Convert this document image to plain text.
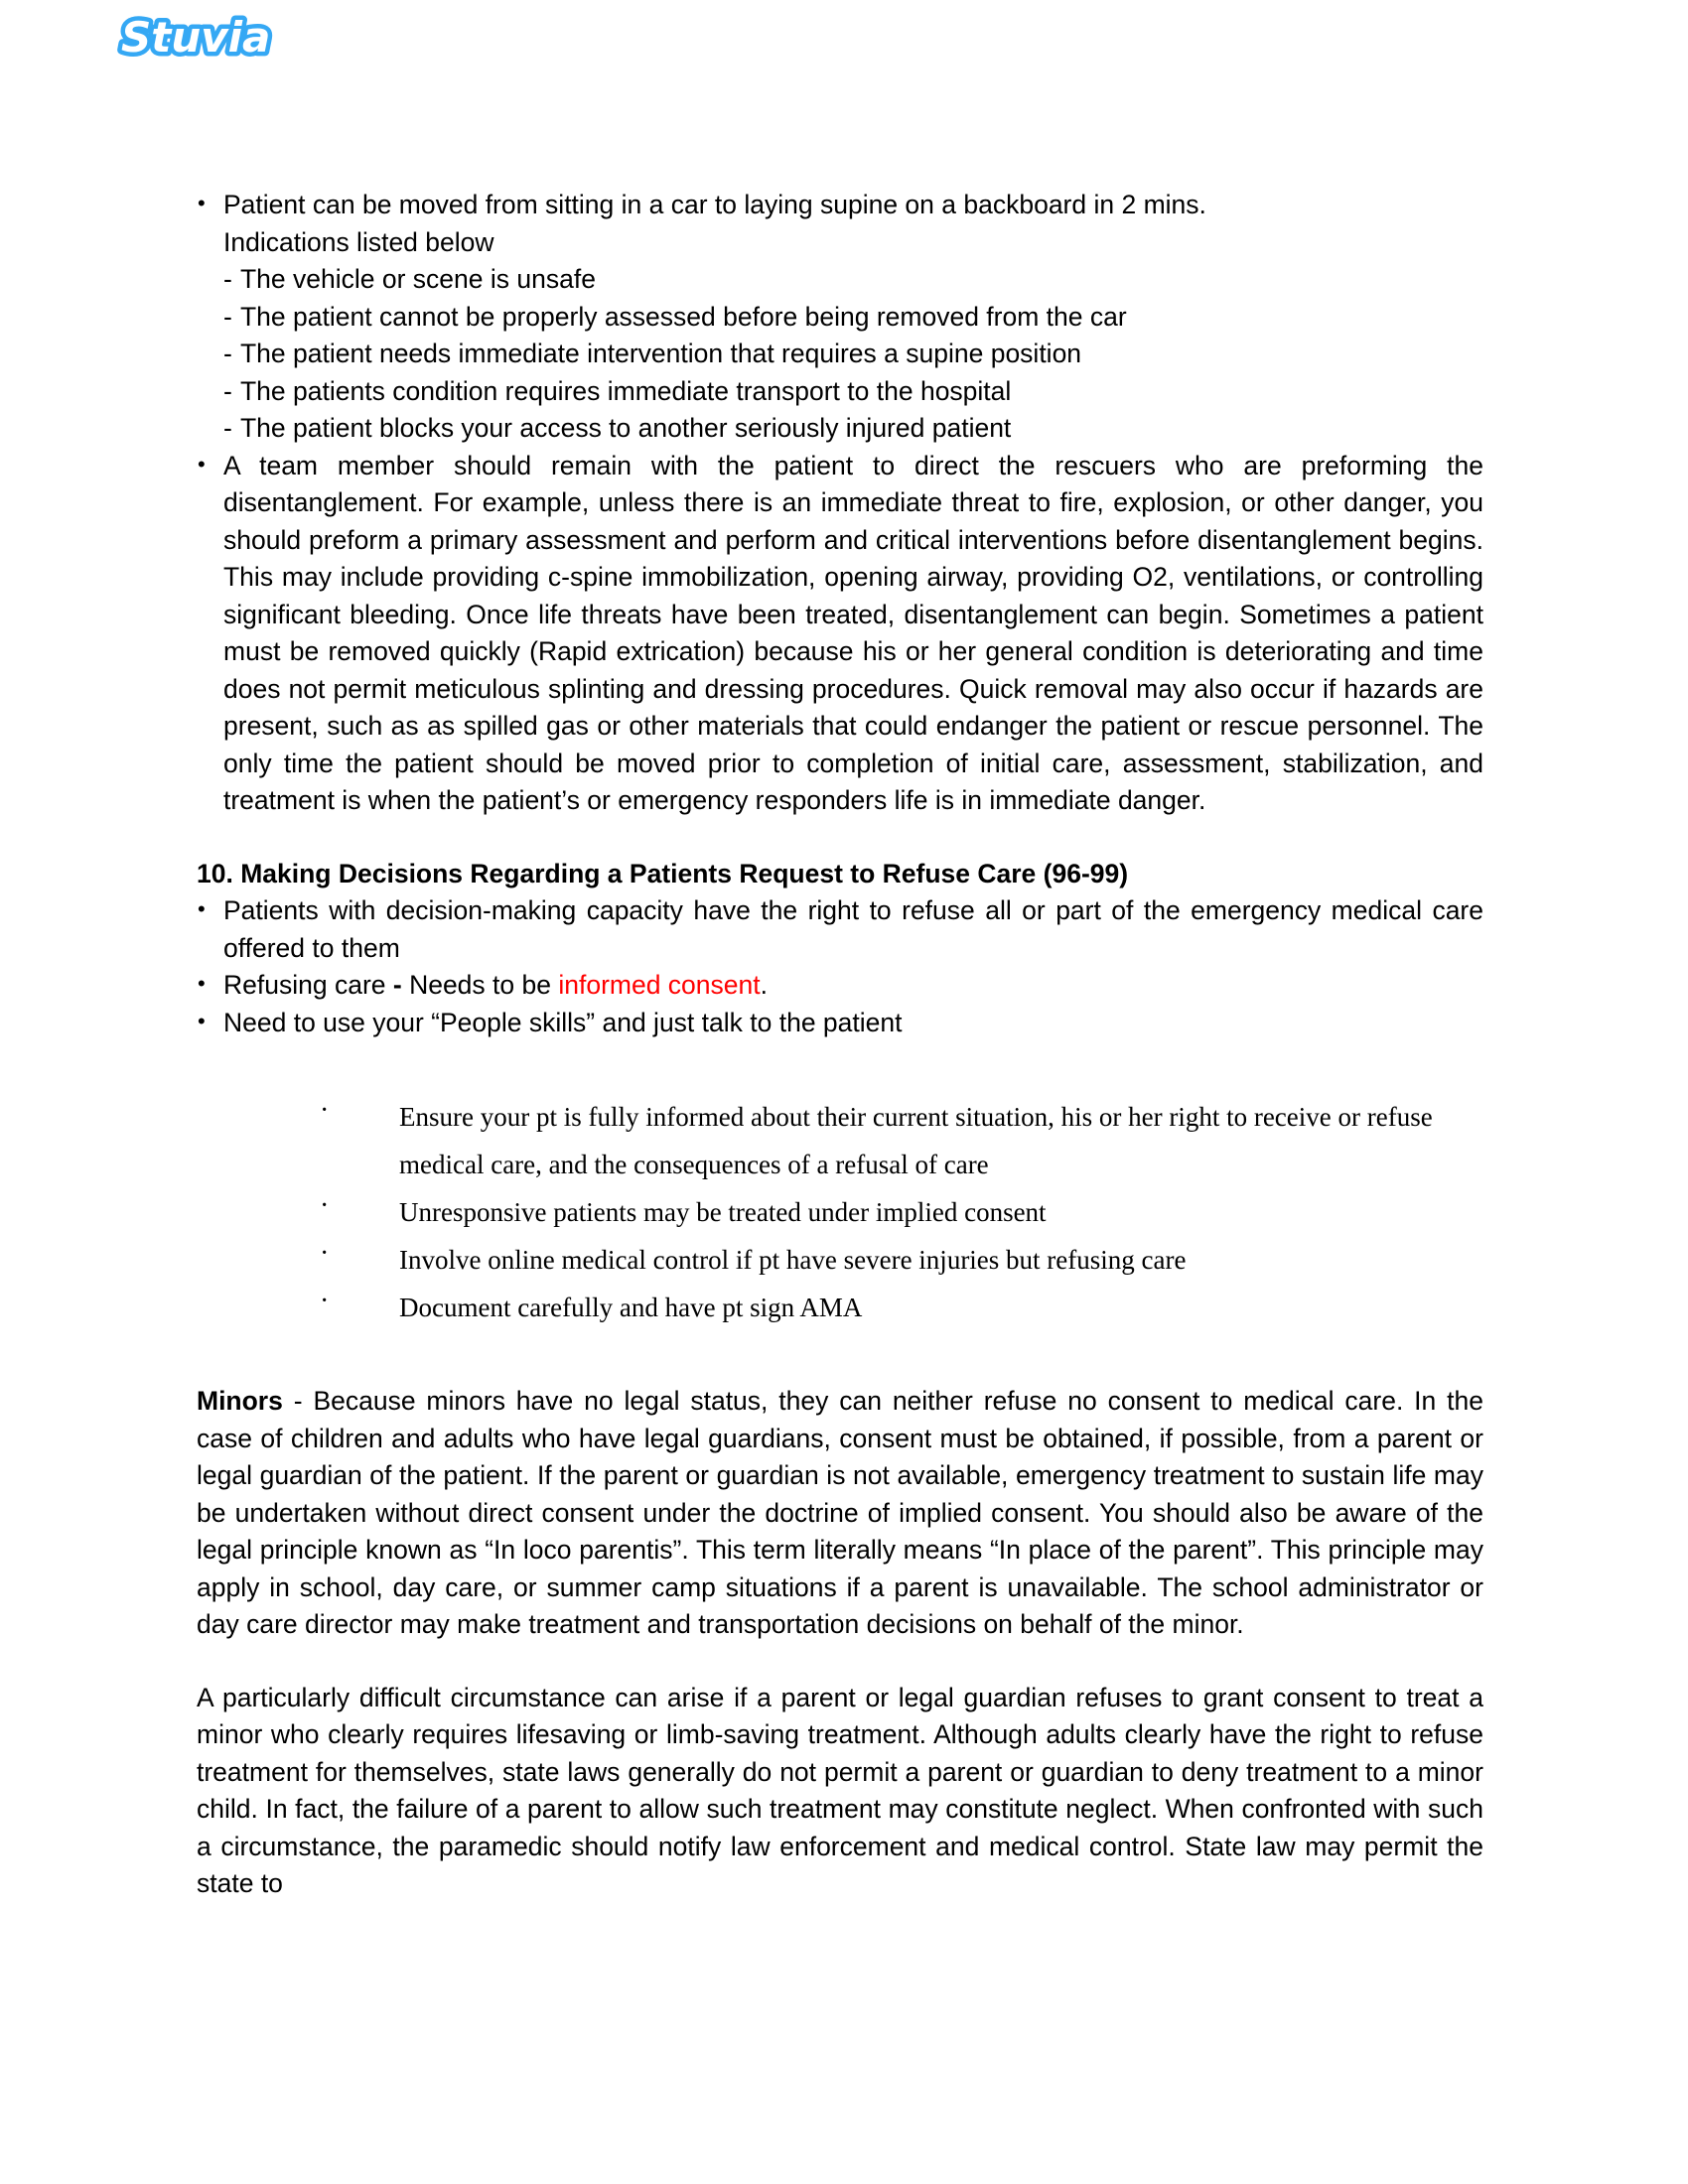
Stuvia
• Patient can be moved from sitting in a car to laying supine on a backboard in 2 mins.
Indications listed below
- The vehicle or scene is unsafe
- The patient cannot be properly assessed before being removed from the car
- The patient needs immediate intervention that requires a supine position
- The patients condition requires immediate transport to the hospital
- The patient blocks your access to another seriously injured patient
• A team member should remain with the patient to direct the rescuers who are preforming the disentanglement. For example, unless there is an immediate threat to fire, explosion, or other danger, you should preform a primary assessment and perform and critical interventions before disentanglement begins. This may include providing c-spine immobilization, opening airway, providing O2, ventilations, or controlling significant bleeding. Once life threats have been treated, disentanglement can begin. Sometimes a patient must be removed quickly (Rapid extrication) because his or her general condition is deteriorating and time does not permit meticulous splinting and dressing procedures. Quick removal may also occur if hazards are present, such as as spilled gas or other materials that could endanger the patient or rescue personnel. The only time the patient should be moved prior to completion of initial care, assessment, stabilization, and treatment is when the patient’s or emergency responders life is in immediate danger.
10. Making Decisions Regarding a Patients Request to Refuse Care (96-99)
• Patients with decision-making capacity have the right to refuse all or part of the emergency medical care offered to them
• Refusing care - Needs to be informed consent.
• Need to use your “People skills” and just talk to the patient
· Ensure your pt is fully informed about their current situation, his or her right to receive or refuse medical care, and the consequences of a refusal of care
· Unresponsive patients may be treated under implied consent
· Involve online medical control if pt have severe injuries but refusing care
· Document carefully and have pt sign AMA

Minors - Because minors have no legal status, they can neither refuse no consent to medical care. In the case of children and adults who have legal guardians, consent must be obtained, if possible, from a parent or legal guardian of the patient. If the parent or guardian is not available, emergency treatment to sustain life may be undertaken without direct consent under the doctrine of implied consent. You should also be aware of the legal principle known as “In loco parentis”. This term literally means “In place of the parent”. This principle may apply in school, day care, or summer camp situations if a parent is unavailable. The school administrator or day care director may make treatment and transportation decisions on behalf of the minor.

A particularly difficult circumstance can arise if a parent or legal guardian refuses to grant consent to treat a minor who clearly requires lifesaving or limb-saving treatment. Although adults clearly have the right to refuse treatment for themselves, state laws generally do not permit a parent or guardian to deny treatment to a minor child. In fact, the failure of a parent to allow such treatment may constitute neglect. When confronted with such a circumstance, the paramedic should notify law enforcement and medical control. State law may permit the state to
